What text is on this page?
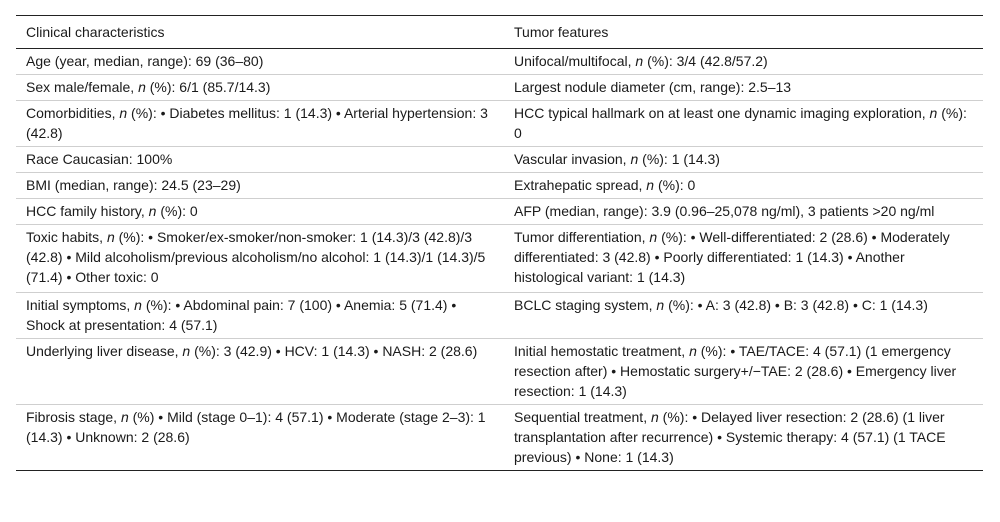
Clinical characteristics	Tumor features
Age (year, median, range): 69 (36–80)	Unifocal/multifocal, n (%): 3/4 (42.8/57.2)
Sex male/female, n (%): 6/1 (85.7/14.3)	Largest nodule diameter (cm, range): 2.5–13
Comorbidities, n (%): • Diabetes mellitus: 1 (14.3) • Arterial hypertension: 3 (42.8)	HCC typical hallmark on at least one dynamic imaging exploration, n (%): 0
Race Caucasian: 100%	Vascular invasion, n (%): 1 (14.3)
BMI (median, range): 24.5 (23–29)	Extrahepatic spread, n (%): 0
HCC family history, n (%): 0	AFP (median, range): 3.9 (0.96–25,078 ng/ml), 3 patients >20 ng/ml
Toxic habits, n (%): • Smoker/ex-smoker/non-smoker: 1 (14.3)/3 (42.8)/3 (42.8) • Mild alcoholism/previous alcoholism/no alcohol: 1 (14.3)/1 (14.3)/5 (71.4) • Other toxic: 0	Tumor differentiation, n (%): • Well-differentiated: 2 (28.6) • Moderately differentiated: 3 (42.8) • Poorly differentiated: 1 (14.3) • Another histological variant: 1 (14.3)
Initial symptoms, n (%): • Abdominal pain: 7 (100) • Anemia: 5 (71.4) • Shock at presentation: 4 (57.1)	BCLC staging system, n (%): • A: 3 (42.8) • B: 3 (42.8) • C: 1 (14.3)
Underlying liver disease, n (%): 3 (42.9) • HCV: 1 (14.3) • NASH: 2 (28.6)	Initial hemostatic treatment, n (%): • TAE/TACE: 4 (57.1) (1 emergency resection after) • Hemostatic surgery+/−TAE: 2 (28.6) • Emergency liver resection: 1 (14.3)
Fibrosis stage, n (%) • Mild (stage 0–1): 4 (57.1) • Moderate (stage 2–3): 1 (14.3) • Unknown: 2 (28.6)	Sequential treatment, n (%): • Delayed liver resection: 2 (28.6) (1 liver transplantation after recurrence) • Systemic therapy: 4 (57.1) (1 TACE previous) • None: 1 (14.3)
